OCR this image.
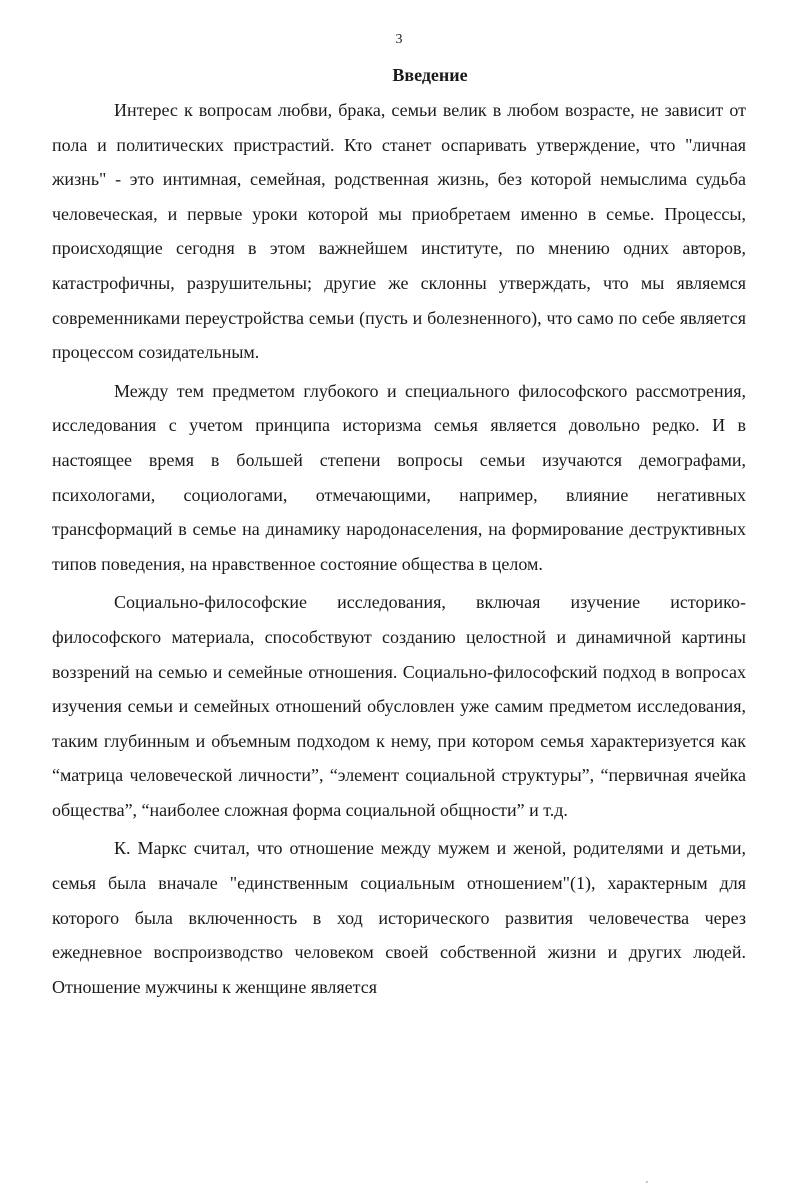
3
Введение

Интерес к вопросам любви, брака, семьи велик в любом возрасте, не зависит от пола и политических пристрастий. Кто станет оспаривать утверждение, что "личная жизнь" - это интимная, семейная, родственная жизнь, без которой немыслима судьба человеческая, и первые уроки которой мы приобретаем именно в семье. Процессы, происходящие сегодня в этом важнейшем институте, по мнению одних авторов, катастрофичны, разрушительны; другие же склонны утверждать, что мы являемся современниками переустройства семьи (пусть и болезненного), что само по себе является процессом созидательным.

Между тем предметом глубокого и специального философского рассмотрения, исследования с учетом принципа историзма семья является довольно редко. И в настоящее время в большей степени вопросы семьи изучаются демографами, психологами, социологами, отмечающими, например, влияние негативных трансформаций в семье на динамику народонаселения, на формирование деструктивных типов поведения, на нравственное состояние общества в целом.

Социально-философские исследования, включая изучение историко-философского материала, способствуют созданию целостной и динамичной картины воззрений на семью и семейные отношения. Социально-философский подход в вопросах изучения семьи и семейных отношений обусловлен уже самим предметом исследования, таким глубинным и объемным подходом к нему, при котором семья характеризуется как “матрица человеческой личности”, “элемент социальной структуры”, “первичная ячейка общества”, “наиболее сложная форма социальной общности” и т.д.

К. Маркс считал, что отношение между мужем и женой, родителями и детьми, семья была вначале "единственным социальным отношением"(1), характерным для которого была включенность в ход исторического развития человечества через ежедневное воспроизводство человеком своей собственной жизни и других людей. Отношение мужчины к женщине является

ˊ
